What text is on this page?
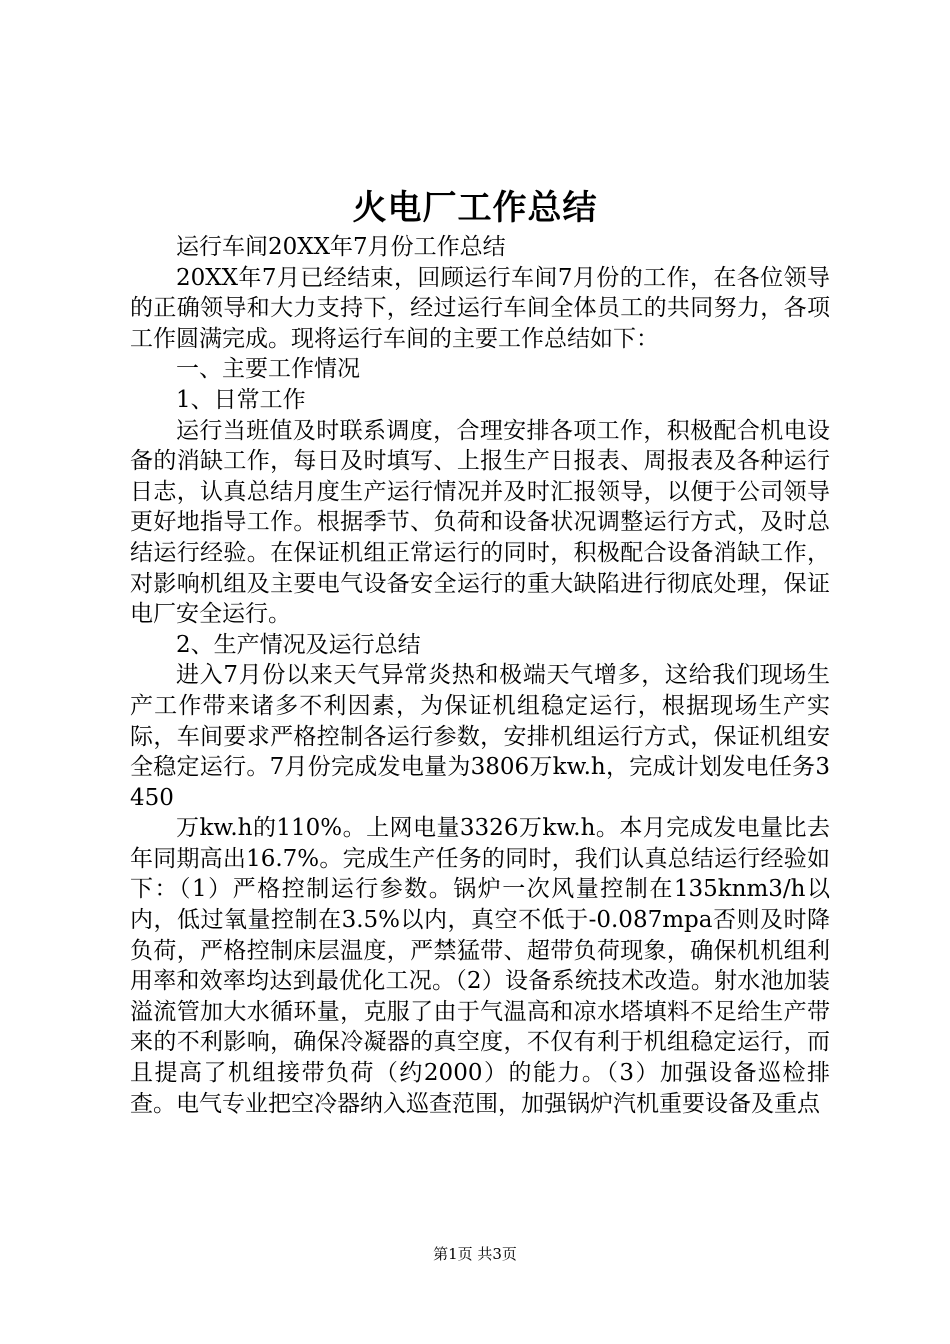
火电厂工作总结

运行车间20XX年7月份工作总结

20XX年7月已经结束，回顾运行车间7月份的工作，在各位领导的正确领导和大力支持下，经过运行车间全体员工的共同努力，各项工作圆满完成。现将运行车间的主要工作总结如下：

一、主要工作情况

1、日常工作

运行当班值及时联系调度，合理安排各项工作，积极配合机电设备的消缺工作，每日及时填写、上报生产日报表、周报表及各种运行日志，认真总结月度生产运行情况并及时汇报领导，以便于公司领导更好地指导工作。根据季节、负荷和设备状况调整运行方式，及时总结运行经验。在保证机组正常运行的同时，积极配合设备消缺工作，对影响机组及主要电气设备安全运行的重大缺陷进行彻底处理，保证电厂安全运行。

2、生产情况及运行总结

进入7月份以来天气异常炎热和极端天气增多，这给我们现场生产工作带来诸多不利因素，为保证机组稳定运行，根据现场生产实际，车间要求严格控制各运行参数，安排机组运行方式，保证机组安全稳定运行。7月份完成发电量为3806万kw.h，完成计划发电任务3450

万kw.h的110%。上网电量3326万kw.h。本月完成发电量比去年同期高出16.7%。完成生产任务的同时，我们认真总结运行经验如下：（1）严格控制运行参数。锅炉一次风量控制在135knm3/h以内，低过氧量控制在3.5%以内，真空不低于-0.087mpa否则及时降负荷，严格控制床层温度，严禁猛带、超带负荷现象，确保机机组利用率和效率均达到最优化工况。（2）设备系统技术改造。射水池加装溢流管加大水循环量，克服了由于气温高和凉水塔填料不足给生产带来的不利影响，确保冷凝器的真空度，不仅有利于机组稳定运行，而且提高了机组接带负荷（约2000）的能力。（3）加强设备巡检排查。电气专业把空冷器纳入巡查范围，加强锅炉汽机重要设备及重点

第1页 共3页
